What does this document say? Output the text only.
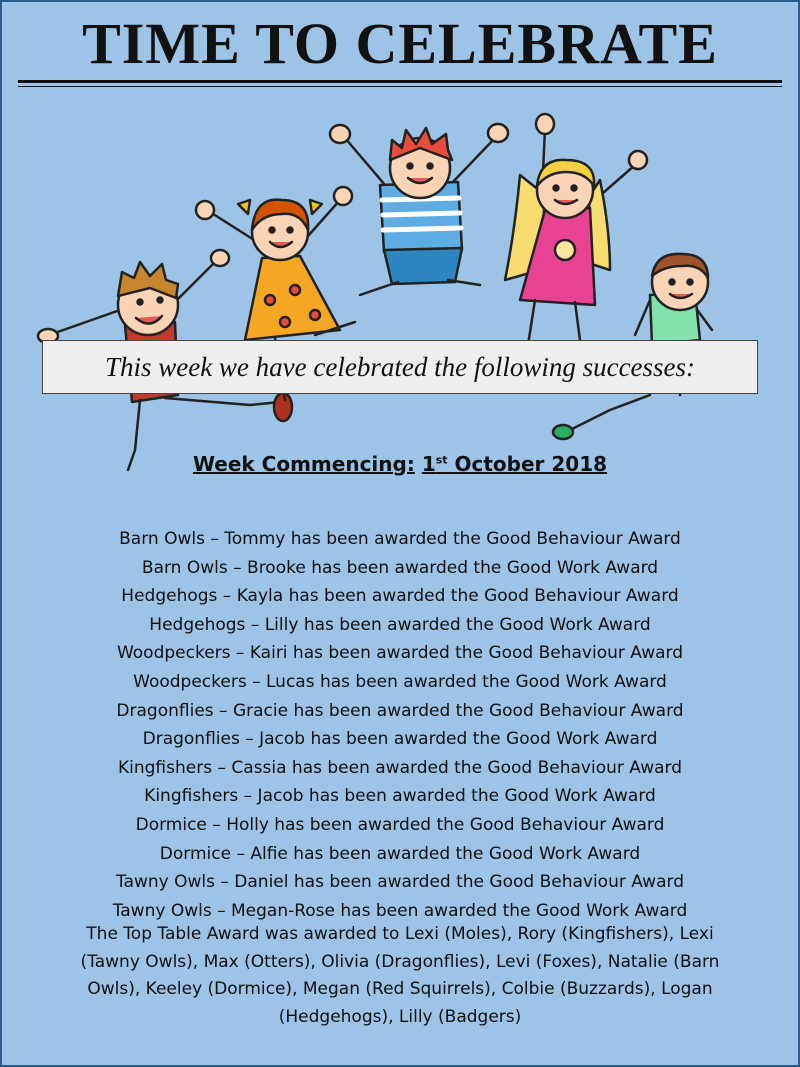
TIME TO CELEBRATE
This week we have celebrated the following successes:
Week Commencing: 1st October 2018
Barn Owls – Tommy has been awarded the Good Behaviour Award
Barn Owls – Brooke has been awarded the Good Work Award
Hedgehogs – Kayla has been awarded the Good Behaviour Award
Hedgehogs – Lilly has been awarded the Good Work Award
Woodpeckers – Kairi has been awarded the Good Behaviour Award
Woodpeckers – Lucas has been awarded the Good Work Award
Dragonflies – Gracie has been awarded the Good Behaviour Award
Dragonflies – Jacob has been awarded the Good Work Award
Kingfishers – Cassia has been awarded the Good Behaviour Award
Kingfishers – Jacob has been awarded the Good Work Award
Dormice – Holly has been awarded the Good Behaviour Award
Dormice – Alfie has been awarded the Good Work Award
Tawny Owls – Daniel has been awarded the Good Behaviour Award
Tawny Owls – Megan-Rose has been awarded the Good Work Award
The Top Table Award was awarded to Lexi (Moles), Rory (Kingfishers), Lexi (Tawny Owls), Max (Otters), Olivia (Dragonflies), Levi (Foxes), Natalie (Barn Owls), Keeley (Dormice), Megan (Red Squirrels), Colbie (Buzzards), Logan (Hedgehogs), Lilly (Badgers)
